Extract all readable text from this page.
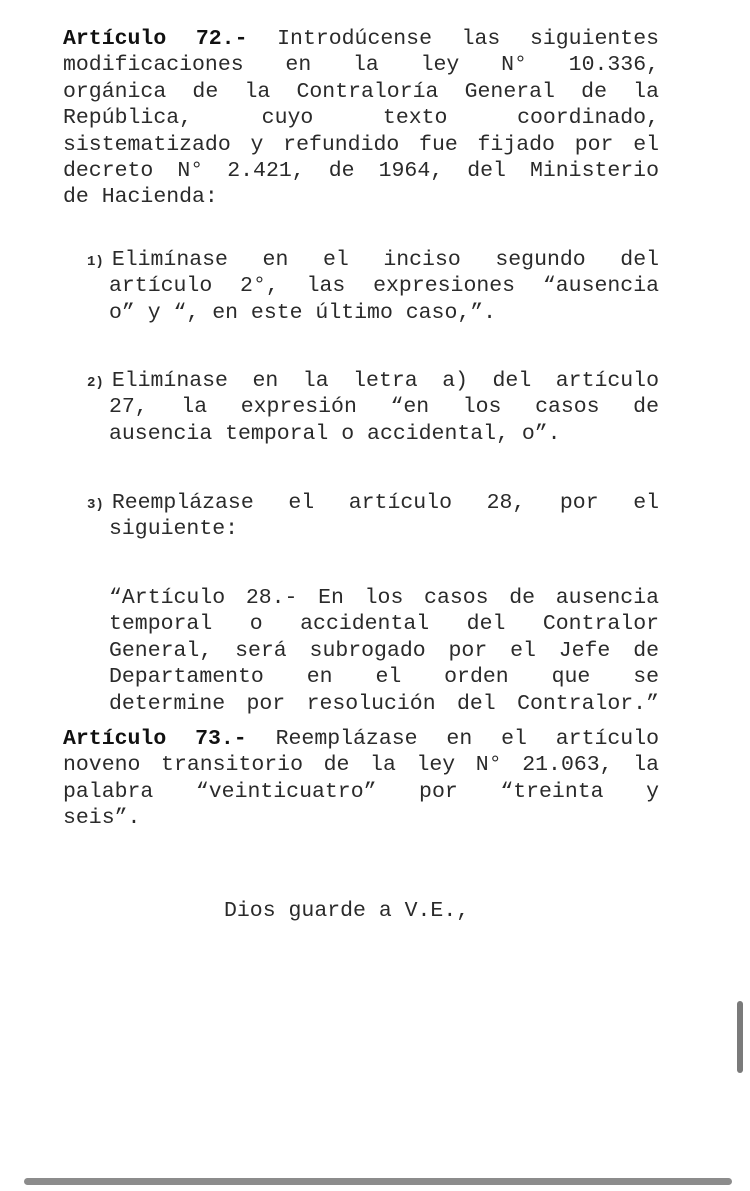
Artículo 72.- Introdúcense las siguientes
modificaciones en la ley N° 10.336,
orgánica de la Contraloría General de la
República, cuyo texto coordinado,
sistematizado y refundido fue fijado por el
decreto N° 2.421, de 1964, del Ministerio
de Hacienda:
1) Elimínase en el inciso segundo del
artículo 2°, las expresiones “ausencia
o” y “, en este último caso,”.
2) Elimínase en la letra a) del artículo
27, la expresión “en los casos de
ausencia temporal o accidental, o”.
3) Reemplázase el artículo 28, por el
siguiente:
“Artículo 28.- En los casos de ausencia
temporal o accidental del Contralor
General, será subrogado por el Jefe de
Departamento en el orden que se
determine por resolución del Contralor.”
Artículo 73.- Reemplázase en el artículo
noveno transitorio de la ley N° 21.063, la
palabra “veinticuatro” por “treinta y
seis”.

Dios guarde a V.E.,
